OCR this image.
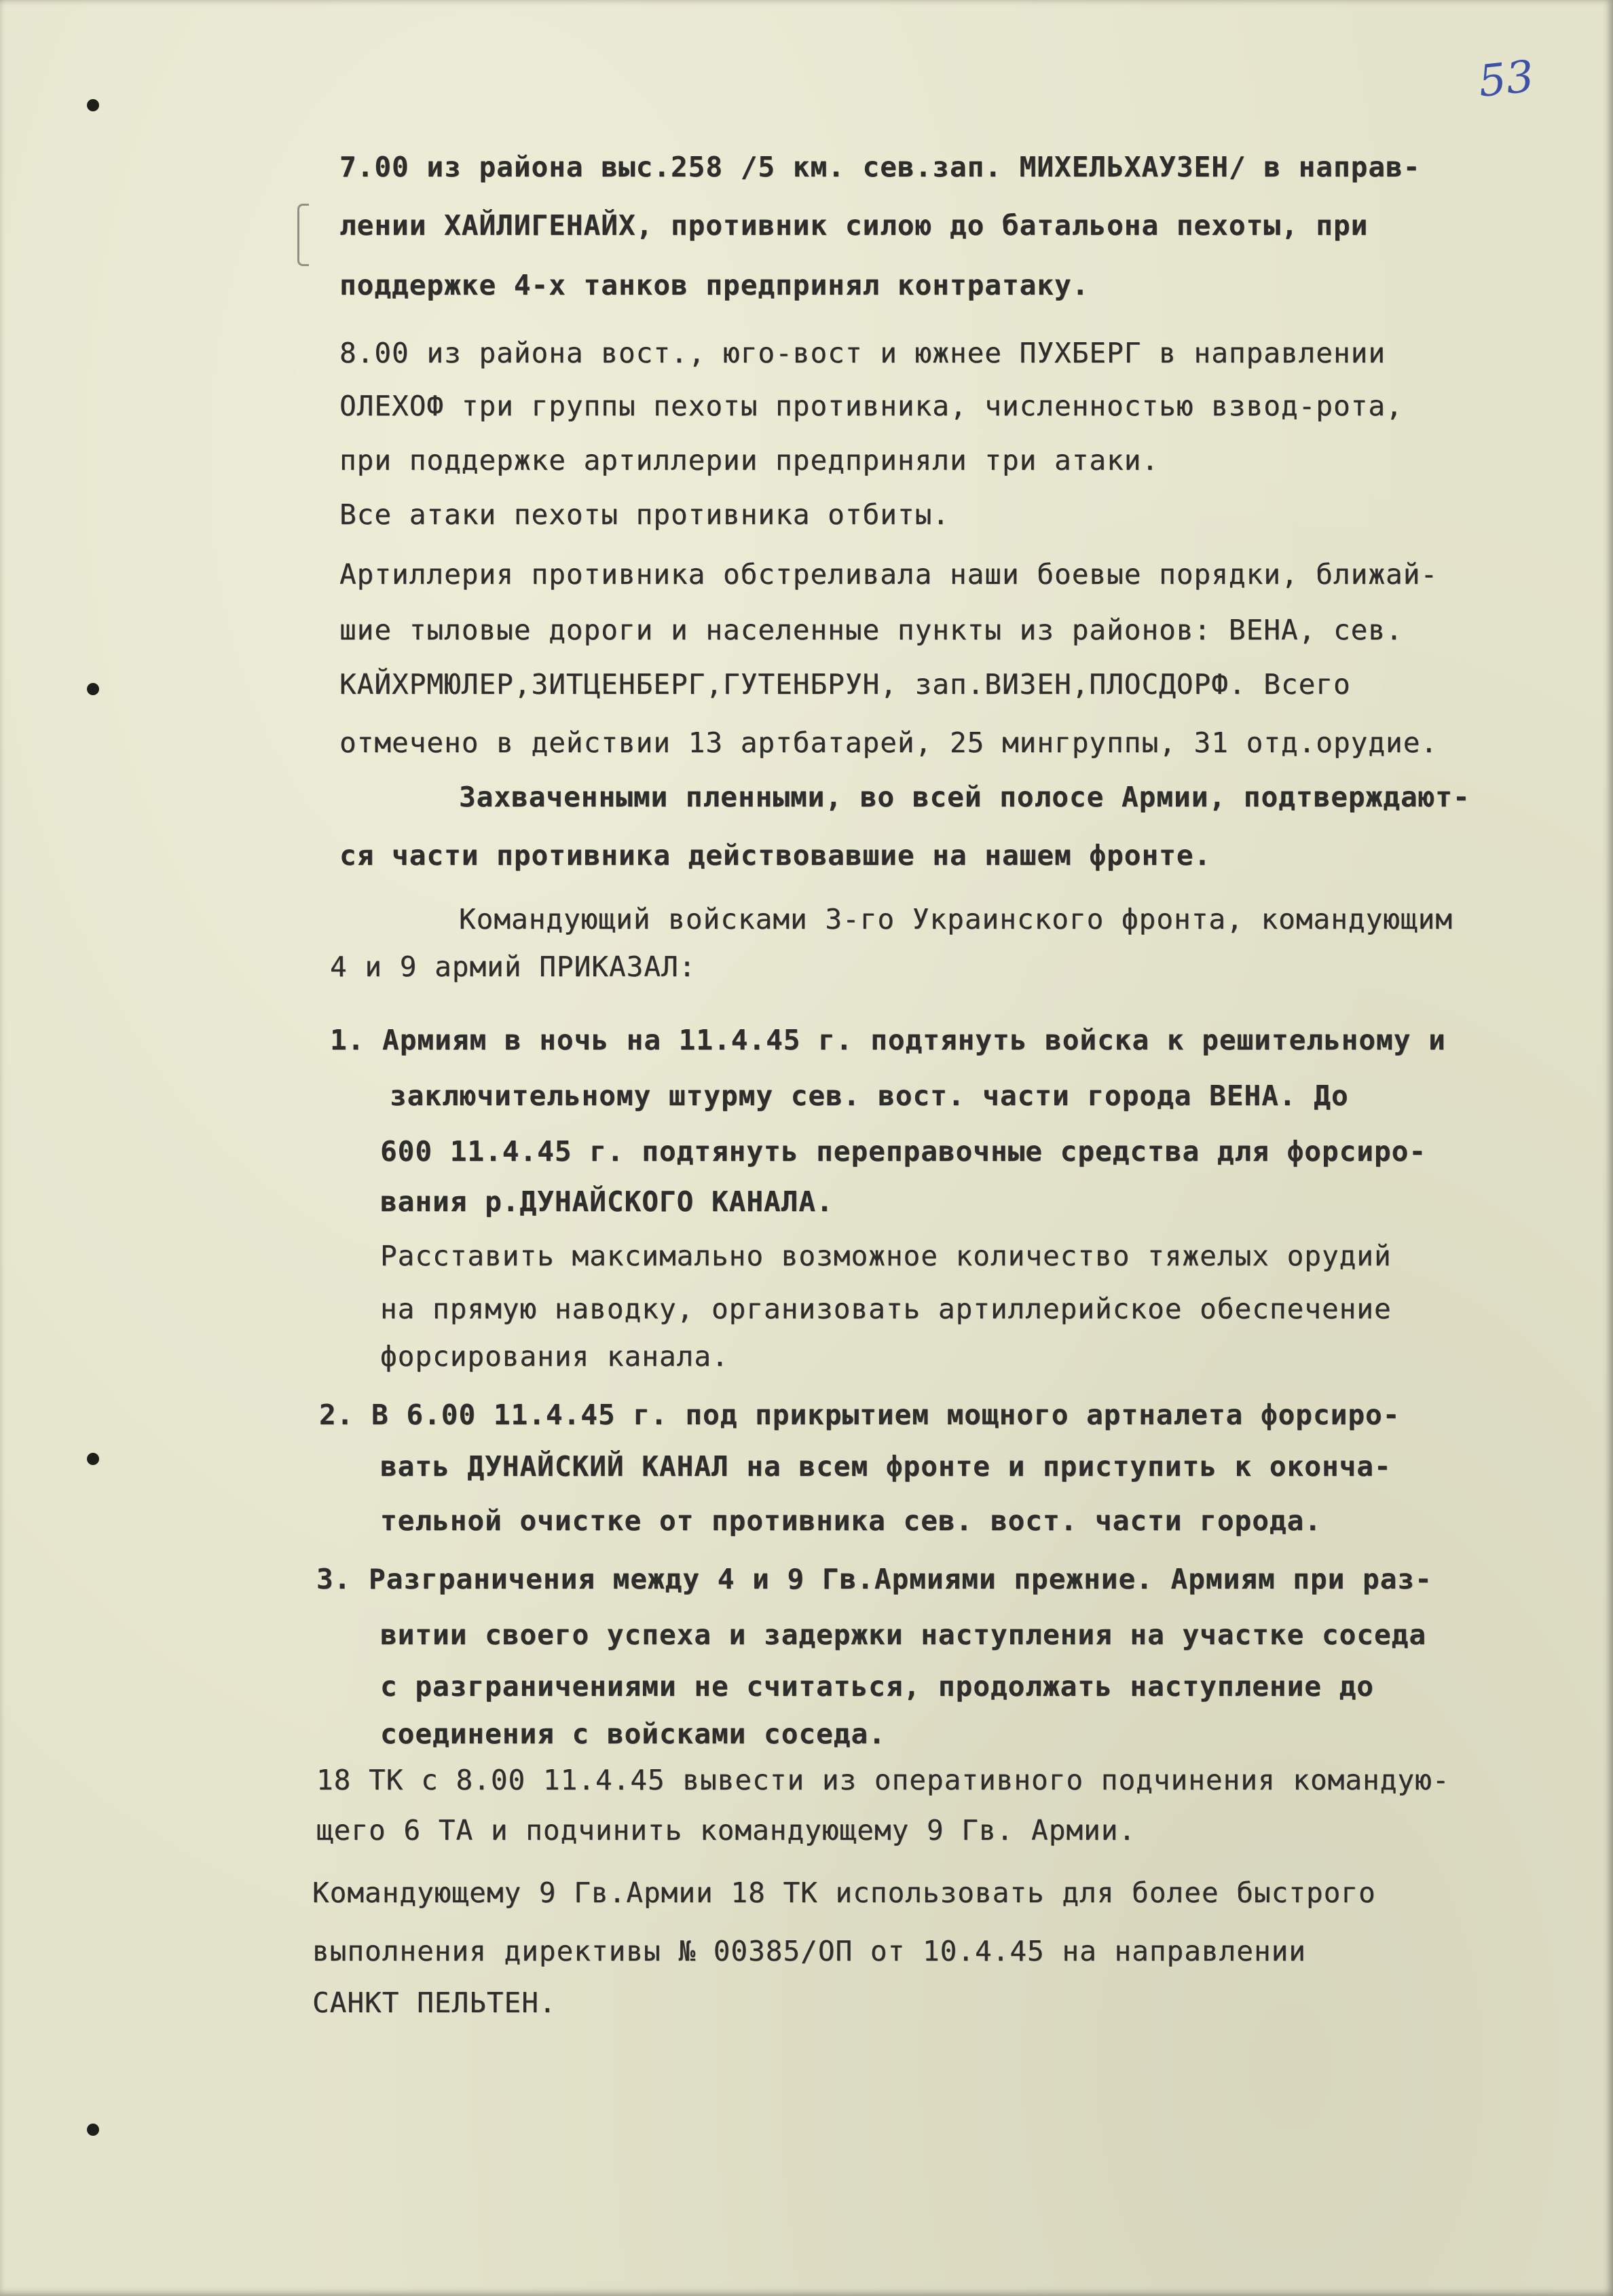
53
7.00 из района выс.258 /5 км. сев.зап. МИХЕЛЬХАУЗЕН/ в направ-
лении ХАЙЛИГЕНАЙХ, противник силою до батальона пехоты, при
поддержке 4-х танков предпринял контратаку.
8.00 из района вост., юго-вост и южнее ПУХБЕРГ в направлении
ОЛЕХОФ три группы пехоты противника, численностью взвод-рота,
при поддержке артиллерии предприняли три атаки.
Все атаки пехоты противника отбиты.
Артиллерия противника обстреливала наши боевые порядки, ближай-
шие тыловые дороги и населенные пункты из районов: ВЕНА, сев.
КАЙХРМЮЛЕР,ЗИТЦЕНБЕРГ,ГУТЕНБРУН, зап.ВИЗЕН,ПЛОСДОРФ. Всего
отмечено в действии 13 артбатарей, 25 мингруппы, 31 отд.орудие.
Захваченными пленными, во всей полосе Армии, подтверждают-
ся части противника действовавшие на нашем фронте.
Командующий войсками 3-го Украинского фронта, командующим
4 и 9 армий ПРИКАЗАЛ:
1. Армиям в ночь на 11.4.45 г. подтянуть войска к решительному и
заключительному штурму сев. вост. части города ВЕНА. До
600 11.4.45 г. подтянуть переправочные средства для форсиро-
вания р.ДУНАЙСКОГО КАНАЛА.
Расставить максимально возможное количество тяжелых орудий
на прямую наводку, организовать артиллерийское обеспечение
форсирования канала.
2. В 6.00 11.4.45 г. под прикрытием мощного артналета форсиро-
вать ДУНАЙСКИЙ КАНАЛ на всем фронте и приступить к оконча-
тельной очистке от противника сев. вост. части города.
3. Разграничения между 4 и 9 Гв.Армиями прежние. Армиям при раз-
витии своего успеха и задержки наступления на участке соседа
с разграничениями не считаться, продолжать наступление до
соединения с войсками соседа.
18 ТК с 8.00 11.4.45 вывести из оперативного подчинения командую-
щего 6 ТА и подчинить командующему 9 Гв. Армии.
Командующему 9 Гв.Армии 18 ТК использовать для более быстрого
выполнения директивы № 00385/ОП от 10.4.45 на направлении
САНКТ ПЕЛЬТЕН.
